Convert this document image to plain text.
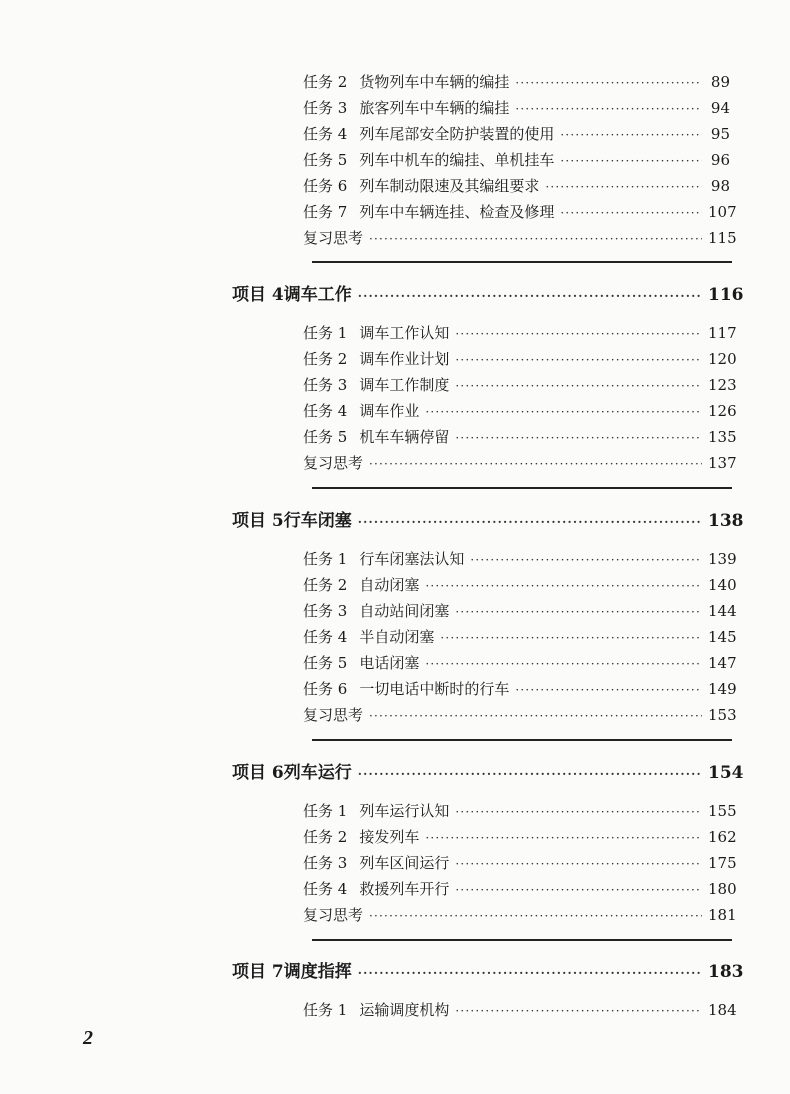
任务 2 货物列车中车辆的编挂 ·····	89
任务 3 旅客列车中车辆的编挂 ·····	94
任务 4 列车尾部安全防护装置的使用 ·····	95
任务 5 列车中机车的编挂、单机挂车 ·····	96
任务 6 列车制动限速及其编组要求 ·····	98
任务 7 列车中车辆连挂、检查及修理 ·····	107
复习思考 ·····	115
项目 4 调车工作 ·····	116
任务 1 调车工作认知 ·····	117
任务 2 调车作业计划 ·····	120
任务 3 调车工作制度 ·····	123
任务 4 调车作业 ·····	126
任务 5 机车车辆停留 ·····	135
复习思考 ·····	137
项目 5 行车闭塞 ·····	138
任务 1 行车闭塞法认知 ·····	139
任务 2 自动闭塞 ·····	140
任务 3 自动站间闭塞 ·····	144
任务 4 半自动闭塞 ·····	145
任务 5 电话闭塞 ·····	147
任务 6 一切电话中断时的行车 ·····	149
复习思考 ·····	153
项目 6 列车运行 ·····	154
任务 1 列车运行认知 ·····	155
任务 2 接发列车 ·····	162
任务 3 列车区间运行 ·····	175
任务 4 救援列车开行 ·····	180
复习思考 ·····	181
项目 7 调度指挥 ·····	183
任务 1 运输调度机构 ·····	184
2
